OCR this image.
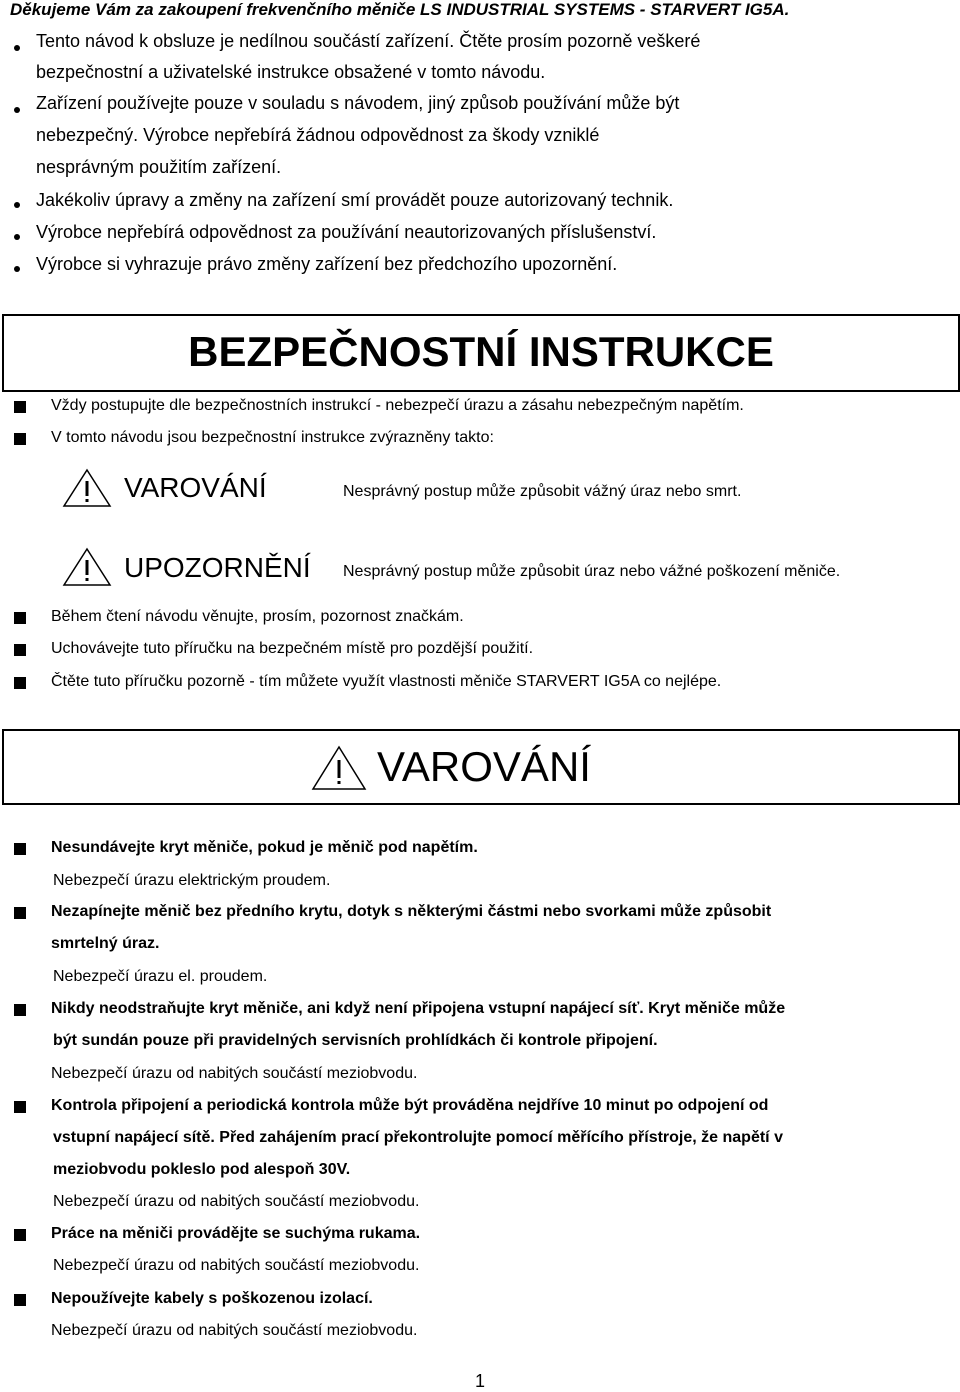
Děkujeme Vám za zakoupení frekvenčního měniče LS INDUSTRIAL SYSTEMS - STARVERT IG5A.
Tento návod k obsluze je nedílnou součástí zařízení. Čtěte prosím pozorně veškeré
bezpečnostní a uživatelské instrukce obsažené v tomto návodu.
Zařízení používejte pouze v souladu s návodem, jiný způsob používání může být
nebezpečný. Výrobce nepřebírá žádnou odpovědnost za škody vzniklé
nesprávným použitím zařízení.
Jakékoliv úpravy a změny na zařízení smí provádět pouze autorizovaný technik.
Výrobce nepřebírá odpovědnost za používání neautorizovaných příslušenství.
Výrobce si vyhrazuje právo změny zařízení bez předchozího upozornění.
BEZPEČNOSTNÍ INSTRUKCE
Vždy postupujte dle bezpečnostních instrukcí - nebezpečí úrazu a zásahu nebezpečným napětím.
V tomto návodu jsou bezpečnostní instrukce zvýrazněny takto:
VAROVÁNÍ	Nesprávný postup může způsobit vážný úraz nebo smrt.
UPOZORNĚNÍ Nesprávný postup může způsobit úraz nebo vážné poškození měniče.
Během čtení návodu věnujte, prosím, pozornost značkám.
Uchovávejte tuto příručku na bezpečném místě pro pozdější použití.
Čtěte tuto příručku pozorně - tím můžete využít vlastnosti měniče STARVERT IG5A co nejlépe.
VAROVÁNÍ
Nesundávejte kryt měniče, pokud je měnič pod napětím.
Nebezpečí úrazu elektrickým proudem.
Nezapínejte měnič bez předního krytu, dotyk s některými částmi nebo svorkami může způsobit
smrtelný úraz.
Nebezpečí úrazu el. proudem.
Nikdy neodstraňujte kryt měniče, ani když není připojena vstupní napájecí síť. Kryt měniče může
být sundán pouze při pravidelných servisních prohlídkách či kontrole připojení.
Nebezpečí úrazu od nabitých součástí meziobvodu.
Kontrola připojení a periodická kontrola může být prováděna nejdříve 10 minut po odpojení od
vstupní napájecí sítě. Před zahájením prací překontrolujte pomocí měřícího přístroje, že napětí v
meziobvodu pokleslo pod alespoň 30V.
Nebezpečí úrazu od nabitých součástí meziobvodu.
Práce na měniči provádějte se suchýma rukama.
Nebezpečí úrazu od nabitých součástí meziobvodu.
Nepoužívejte kabely s poškozenou izolací.
Nebezpečí úrazu od nabitých součástí meziobvodu.
1
